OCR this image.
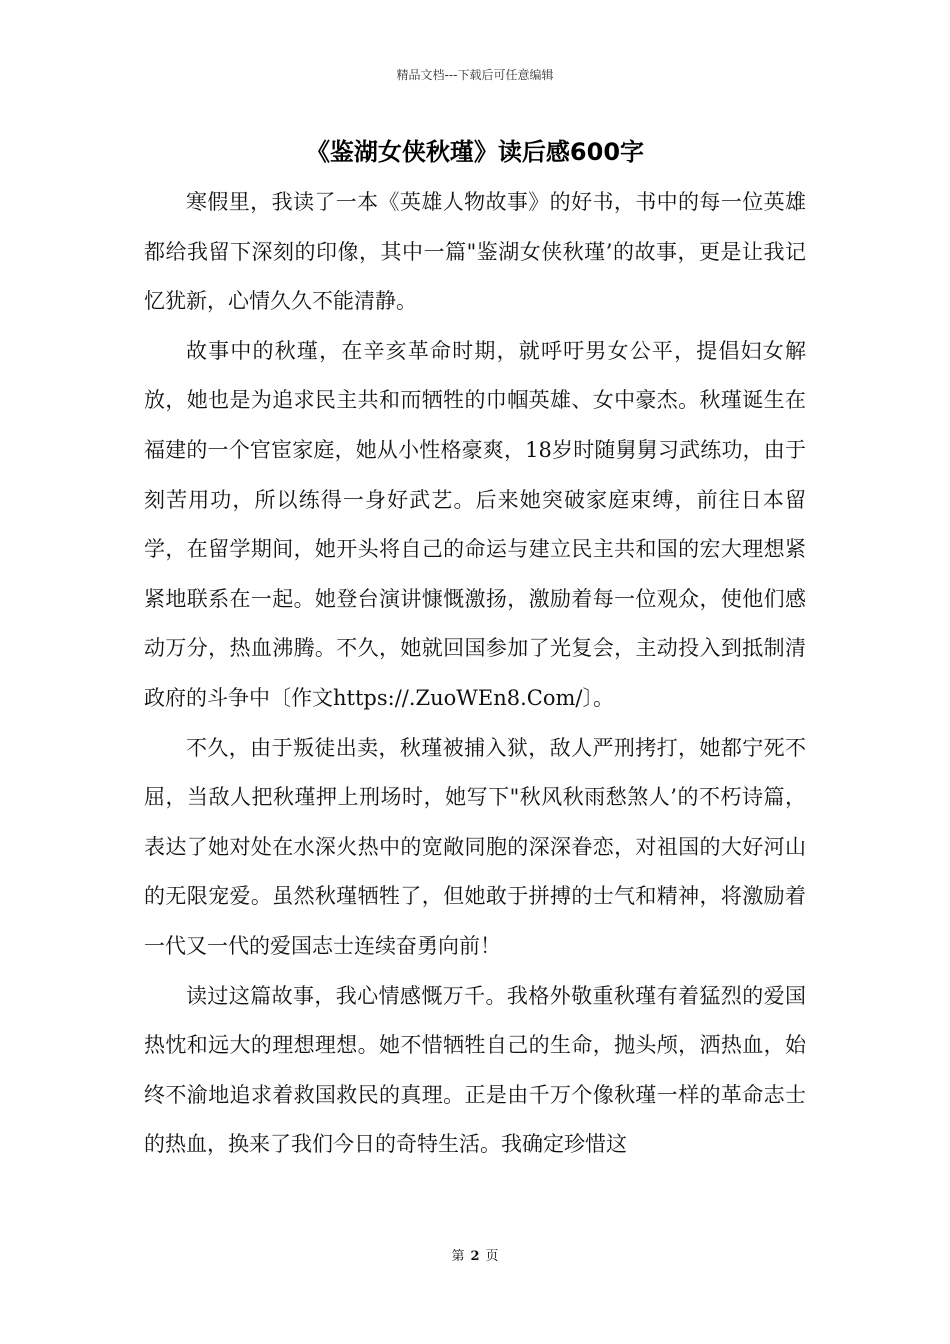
精品文档---下载后可任意编辑
《鉴湖女侠秋瑾》读后感600字

寒假里，我读了一本《英雄人物故事》的好书，书中的每一位英雄都给我留下深刻的印像，其中一篇"鉴湖女侠秋瑾’的故事，更是让我记忆犹新，心情久久不能清静。

故事中的秋瑾，在辛亥革命时期，就呼吁男女公平，提倡妇女解放，她也是为追求民主共和而牺牲的巾帼英雄、女中豪杰。秋瑾诞生在福建的一个官宦家庭，她从小性格豪爽，18岁时随舅舅习武练功，由于刻苦用功，所以练得一身好武艺。后来她突破家庭束缚，前往日本留学，在留学期间，她开头将自己的命运与建立民主共和国的宏大理想紧紧地联系在一起。她登台演讲慷慨激扬，激励着每一位观众，使他们感动万分，热血沸腾。不久，她就回国参加了光复会，主动投入到抵制清政府的斗争中〔作文https://.ZuoWEn8.Com/〕。

不久，由于叛徒出卖，秋瑾被捕入狱，敌人严刑拷打，她都宁死不屈，当敌人把秋瑾押上刑场时，她写下"秋风秋雨愁煞人’的不朽诗篇，表达了她对处在水深火热中的宽敞同胞的深深眷恋，对祖国的大好河山的无限宠爱。虽然秋瑾牺牲了，但她敢于拼搏的士气和精神，将激励着一代又一代的爱国志士连续奋勇向前！

读过这篇故事，我心情感慨万千。我格外敬重秋瑾有着猛烈的爱国热忱和远大的理想理想。她不惜牺牲自己的生命，抛头颅，洒热血，始终不渝地追求着救国救民的真理。正是由千万个像秋瑾一样的革命志士的热血，换来了我们今日的奇特生活。我确定珍惜这

第 2 页
